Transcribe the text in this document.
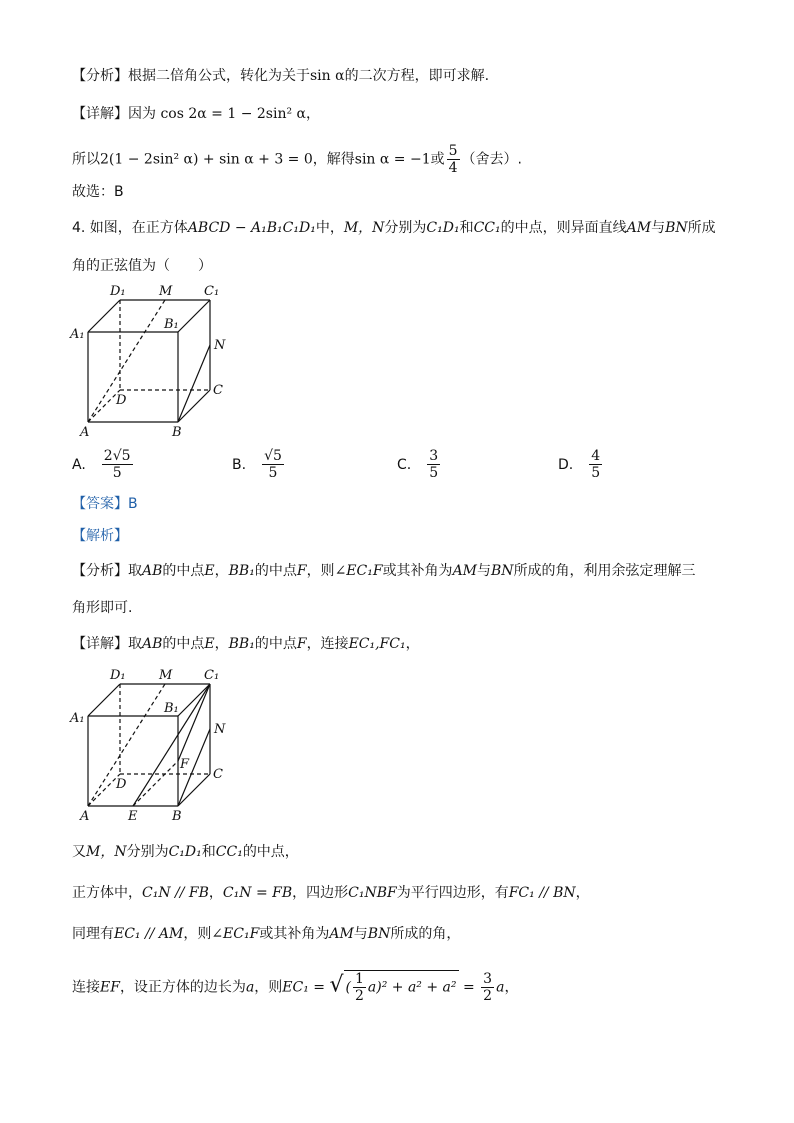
【分析】根据二倍角公式，转化为关于sin α的二次方程，即可求解.
【详解】因为 cos 2α = 1 − 2sin² α，
所以2(1 − 2sin² α) + sin α + 3 = 0，解得sin α = −1或 $\frac{5}{4}$ （舍去）.
故选：B
4. 如图，在正方体ABCD − A₁B₁C₁D₁中，M，N分别为C₁D₁和CC₁的中点，则异面直线AM与BN所成
角的正弦值为（　　）
D₁	M C₁
B₁
A₁
N
C
D
A	B
A. $\frac{2√5}{5}$	B. $\frac{√5}{5}$	C. $\frac{3}{5}$	D. $\frac{4}{5}$
【答案】B
【解析】
【分析】取AB的中点E，BB₁的中点F，则∠EC₁F或其补角为AM与BN所成的角，利用余弦定理解三
角形即可.
【详解】取AB的中点E，BB₁的中点F，连接EC₁,FC₁，
D₁	M C₁
B₁
A₁
N
F
C
D
A	E	B
又M，N分别为C₁D₁和CC₁的中点，
正方体中，C₁N // FB，C₁N = FB，四边形C₁NBF为平行四边形，有FC₁ // BN，
同理有EC₁ // AM，则∠EC₁F或其补角为AM与BN所成的角，
连接EF，设正方体的边长为a，则EC₁ = √ ( $\frac{1}{2} a)^2 + a^2 + a^2 = \frac{3}{2}$ a，
